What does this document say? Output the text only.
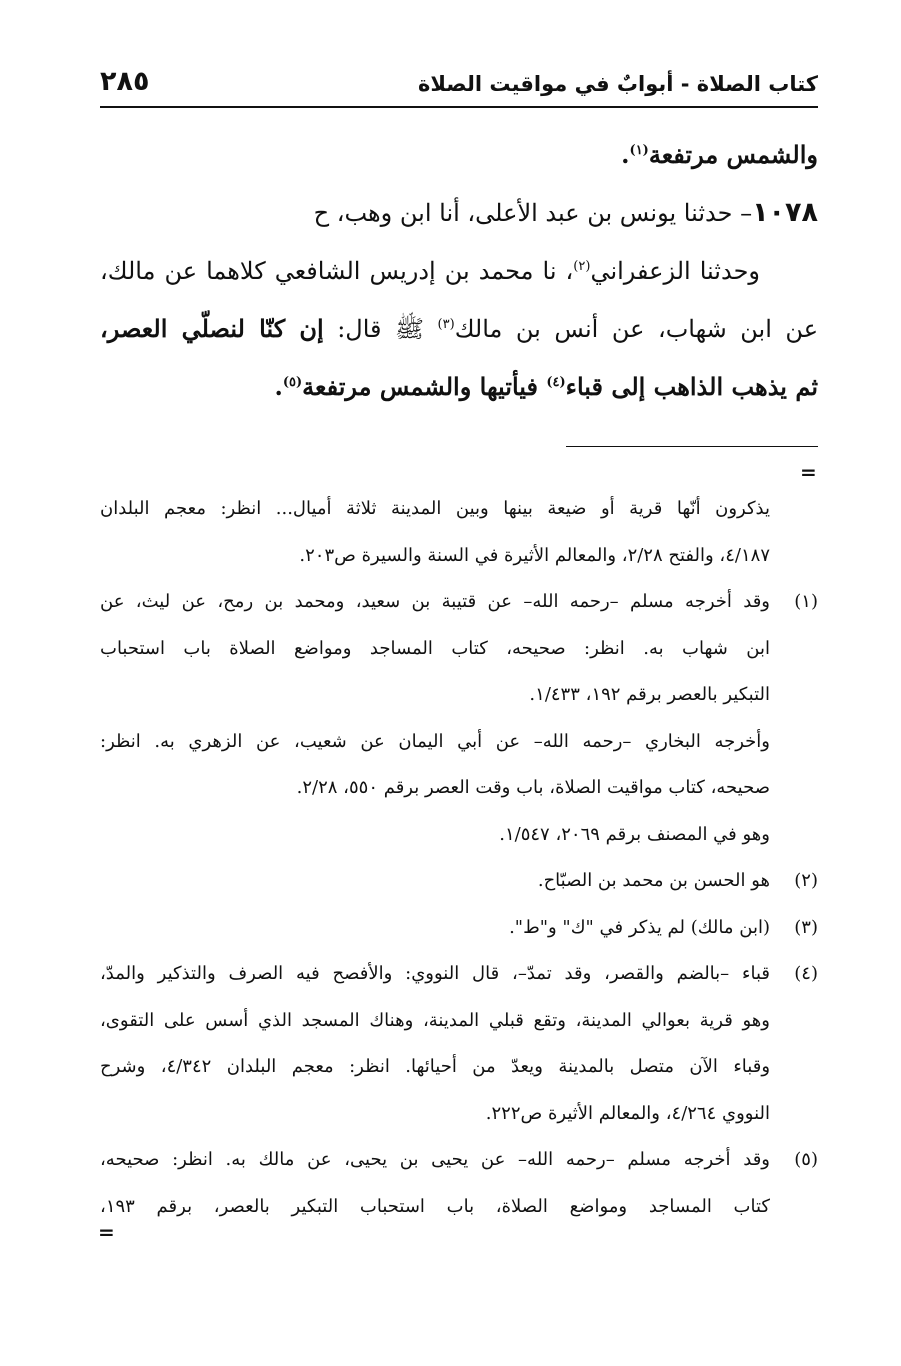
كتاب الصلاة - أبوابٌ في مواقيت الصلاة
٢٨٥
والشمس مرتفعة$^{(١)}$.
١٠٧٨– حدثنا يونس بن عبد الأعلى، أنا ابن وهب، ح
وحدثنا الزعفراني$^{(٢)}$، نا محمد بن إدريس الشافعي كلاهما عن مالك،
عن ابن شهاب، عن أنس بن مالك$^{(٣)}$ ﷺ قال: إن كنّا لنصلّي العصر،
ثم يذهب الذاهب إلى قباء$^{(٤)}$ فيأتيها والشمس مرتفعة$^{(٥)}$.
=
يذكرون أنّها قرية أو ضيعة بينها وبين المدينة ثلاثة أميال... انظر: معجم البلدان
٤/١٨٧، والفتح ٢/٢٨، والمعالم الأثيرة في السنة والسيرة ص٢٠٣.
(١)وقد أخرجه مسلم –رحمه الله– عن قتيبة بن سعيد، ومحمد بن رمح، عن ليث، عن
ابن شهاب به. انظر: صحيحه، كتاب المساجد ومواضع الصلاة باب استحباب
التبكير بالعصر برقم ١٩٢، ١/٤٣٣.
وأخرجه البخاري –رحمه الله– عن أبي اليمان عن شعيب، عن الزهري به. انظر:
صحيحه، كتاب مواقيت الصلاة، باب وقت العصر برقم ٥٥٠، ٢/٢٨.
وهو في المصنف برقم ٢٠٦٩، ١/٥٤٧.
(٢)هو الحسن بن محمد بن الصبّاح.
(٣)(ابن مالك) لم يذكر في "ك" و"ط".
(٤)قباء –بالضم والقصر، وقد تمدّ–، قال النووي: والأفصح فيه الصرف والتذكير والمدّ،
وهو قرية بعوالي المدينة، وتقع قبلي المدينة، وهناك المسجد الذي أسس على التقوى،
وقباء الآن متصل بالمدينة ويعدّ من أحيائها. انظر: معجم البلدان ٤/٣٤٢، وشرح
النووي ٤/٢٦٤، والمعالم الأثيرة ص٢٢٢.
(٥)وقد أخرجه مسلم –رحمه الله– عن يحيى بن يحيى، عن مالك به. انظر: صحيحه،
كتاب المساجد ومواضع الصلاة، باب استحباب التبكير بالعصر، برقم ١٩٣،
=
